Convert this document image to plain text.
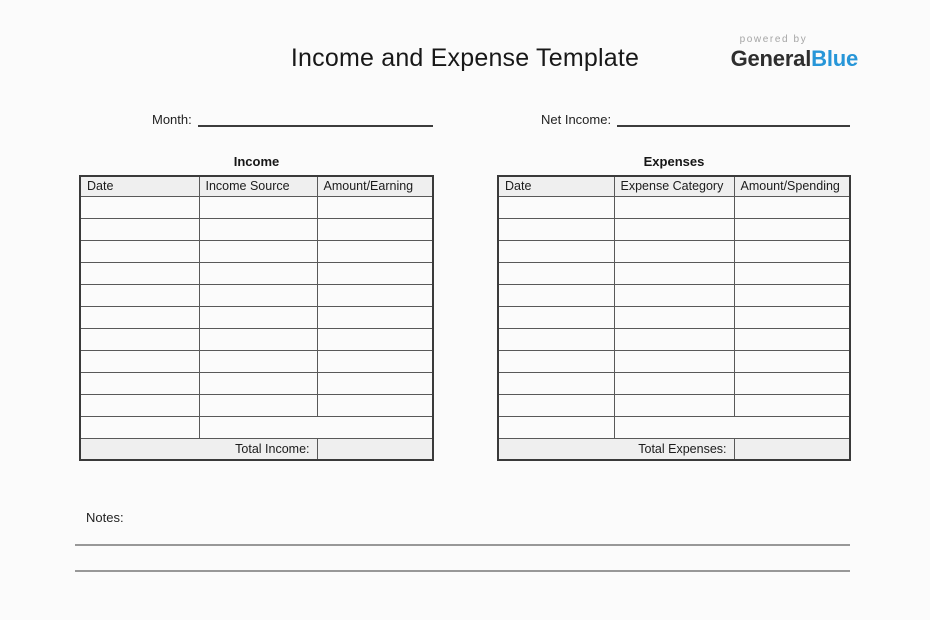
powered by
GeneralBlue
Income and Expense Template
Month:	Net Income:
Income
Date	Income Source	Amount/Earning

Total Income:		
Expenses
Date	Expense Category	Amount/Spending

Total Expenses:		
Notes:
